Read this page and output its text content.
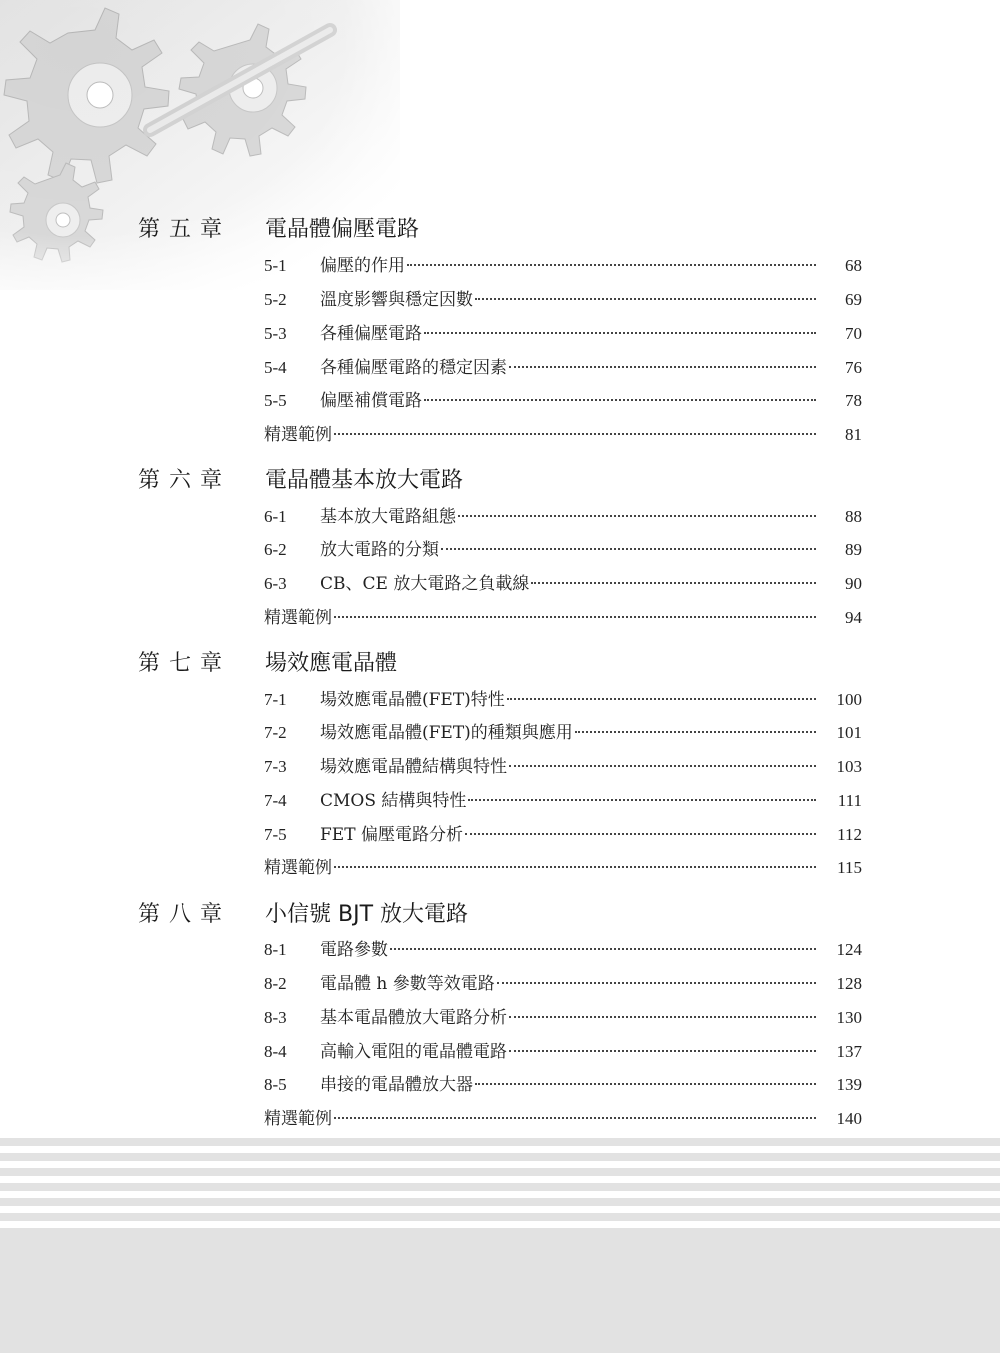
第五章 電晶體偏壓電路
5-1	偏壓的作用	68
5-2	溫度影響與穩定因數	69
5-3	各種偏壓電路	70
5-4	各種偏壓電路的穩定因素	76
5-5	偏壓補償電路	78
精選範例	81
第六章 電晶體基本放大電路
6-1	基本放大電路組態	88
6-2	放大電路的分類	89
6-3	CB、CE 放大電路之負載線	90
精選範例	94
第七章 場效應電晶體
7-1	場效應電晶體(FET)特性	100
7-2	場效應電晶體(FET)的種類與應用	101
7-3	場效應電晶體結構與特性	103
7-4	CMOS 結構與特性	111
7-5	FET 偏壓電路分析	112
精選範例	115
第八章 小信號 BJT 放大電路
8-1	電路參數	124
8-2	電晶體 h 參數等效電路	128
8-3	基本電晶體放大電路分析	130
8-4	高輸入電阻的電晶體電路	137
8-5	串接的電晶體放大器	139
精選範例	140
